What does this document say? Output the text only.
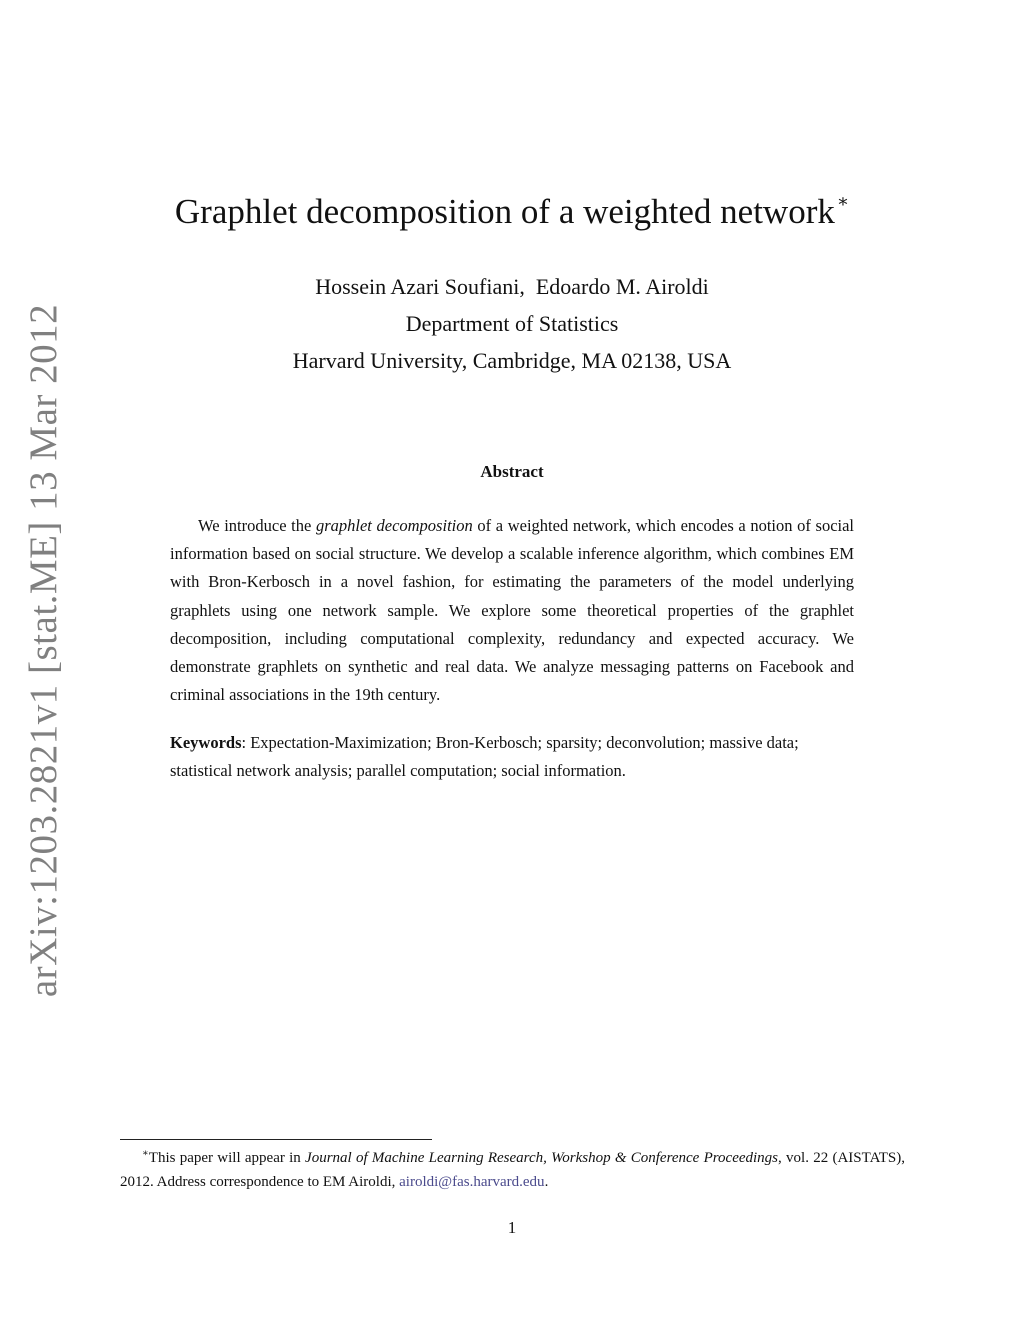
arXiv:1203.2821v1 [stat.ME] 13 Mar 2012
Graphlet decomposition of a weighted network ∗
Hossein Azari Soufiani,  Edoardo M. Airoldi
Department of Statistics
Harvard University, Cambridge, MA 02138, USA
Abstract

We introduce the graphlet decomposition of a weighted network, which encodes a notion of social information based on social structure. We develop a scalable inference algorithm, which combines EM with Bron-Kerbosch in a novel fashion, for estimating the parameters of the model underlying graphlets using one network sample. We explore some theoretical properties of the graphlet decomposition, including computational complexity, redundancy and expected accuracy. We demonstrate graphlets on synthetic and real data. We analyze messaging patterns on Facebook and criminal associations in the 19th century.

Keywords: Expectation-Maximization; Bron-Kerbosch; sparsity; deconvolution; massive data; statistical network analysis; parallel computation; social information.

∗This paper will appear in Journal of Machine Learning Research, Workshop & Conference Proceedings, vol. 22 (AISTATS), 2012. Address correspondence to EM Airoldi, airoldi@fas.harvard.edu.

1
